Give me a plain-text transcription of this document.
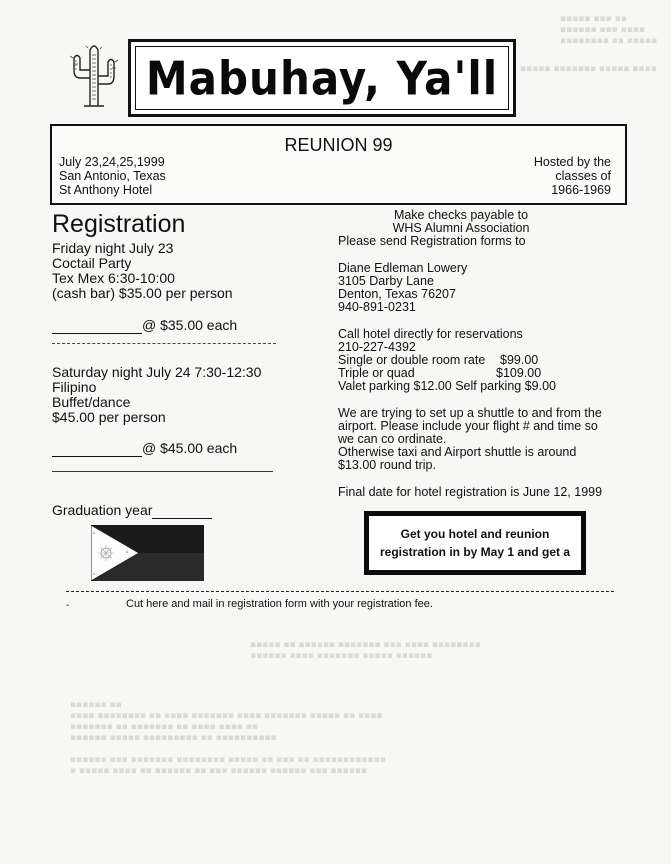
▪▪▪▪▪ ▪▪▪ ▪▪
▪▪▪▪▪▪ ▪▪▪ ▪▪▪▪
▪▪▪▪▪▪▪▪ ▪▪ ▪▪▪▪▪
▪▪▪▪▪ ▪▪▪▪▪▪▪ ▪▪▪▪▪ ▪▪▪▪
▪▪▪▪▪ ▪▪ ▪▪▪▪▪▪ ▪▪▪▪▪▪▪ ▪▪▪ ▪▪▪▪ ▪▪▪▪▪▪▪▪
▪▪▪▪▪▪ ▪▪▪▪ ▪▪▪▪▪▪▪ ▪▪▪▪▪ ▪▪▪▪▪▪
▪▪▪▪▪▪ ▪▪
▪▪▪▪ ▪▪▪▪▪▪▪▪ ▪▪ ▪▪▪▪ ▪▪▪▪▪▪▪ ▪▪▪▪ ▪▪▪▪▪▪▪ ▪▪▪▪▪ ▪▪ ▪▪▪▪
▪▪▪▪▪▪▪ ▪▪ ▪▪▪▪▪▪▪ ▪▪ ▪▪▪▪ ▪▪▪▪ ▪▪
▪▪▪▪▪▪ ▪▪▪▪▪ ▪▪▪▪▪▪▪▪▪ ▪▪ ▪▪▪▪▪▪▪▪▪▪

▪▪▪▪▪▪ ▪▪▪ ▪▪▪▪▪▪▪ ▪▪▪▪▪▪▪▪ ▪▪▪▪▪ ▪▪ ▪▪▪ ▪▪ ▪▪▪▪▪▪▪▪▪▪▪▪
▪ ▪▪▪▪▪ ▪▪▪▪ ▪▪ ▪▪▪▪▪▪ ▪▪ ▪▪▪ ▪▪▪▪▪▪ ▪▪▪▪▪▪ ▪▪▪ ▪▪▪▪▪▪
Mabuhay, Ya'll
REUNION 99
July 23,24,25,1999
San Antonio, Texas
St Anthony Hotel
Hosted by the
classes of
1966-1969
Registration
Friday night July 23
Coctail Party
Tex Mex 6:30-10:00
(cash bar) $35.00 per person
@ $35.00 each
Saturday night July 24 7:30-12:30
Filipino
Buffet/dance
$45.00 per person
@ $45.00 each
Graduation year
Make checks payable to
WHS Alumni Association
Please send Registration forms to
Diane Edleman Lowery
3105 Darby Lane
Denton, Texas 76207
940-891-0231
Call hotel directly for reservations
210-227-4392
Single or double room rate $99.00
Triple or quad	$109.00
Valet parking $12.00 Self parking $9.00
We are trying to set up a shuttle to and from the
airport. Please include your flight # and time so
we can co ordinate.
Otherwise taxi and Airport shuttle is around
$13.00 round trip.
Final date for hotel registration is June 12, 1999
Get you hotel and reunion
registration in by May 1 and get a
-	Cut here and mail in registration form with your registration fee.
